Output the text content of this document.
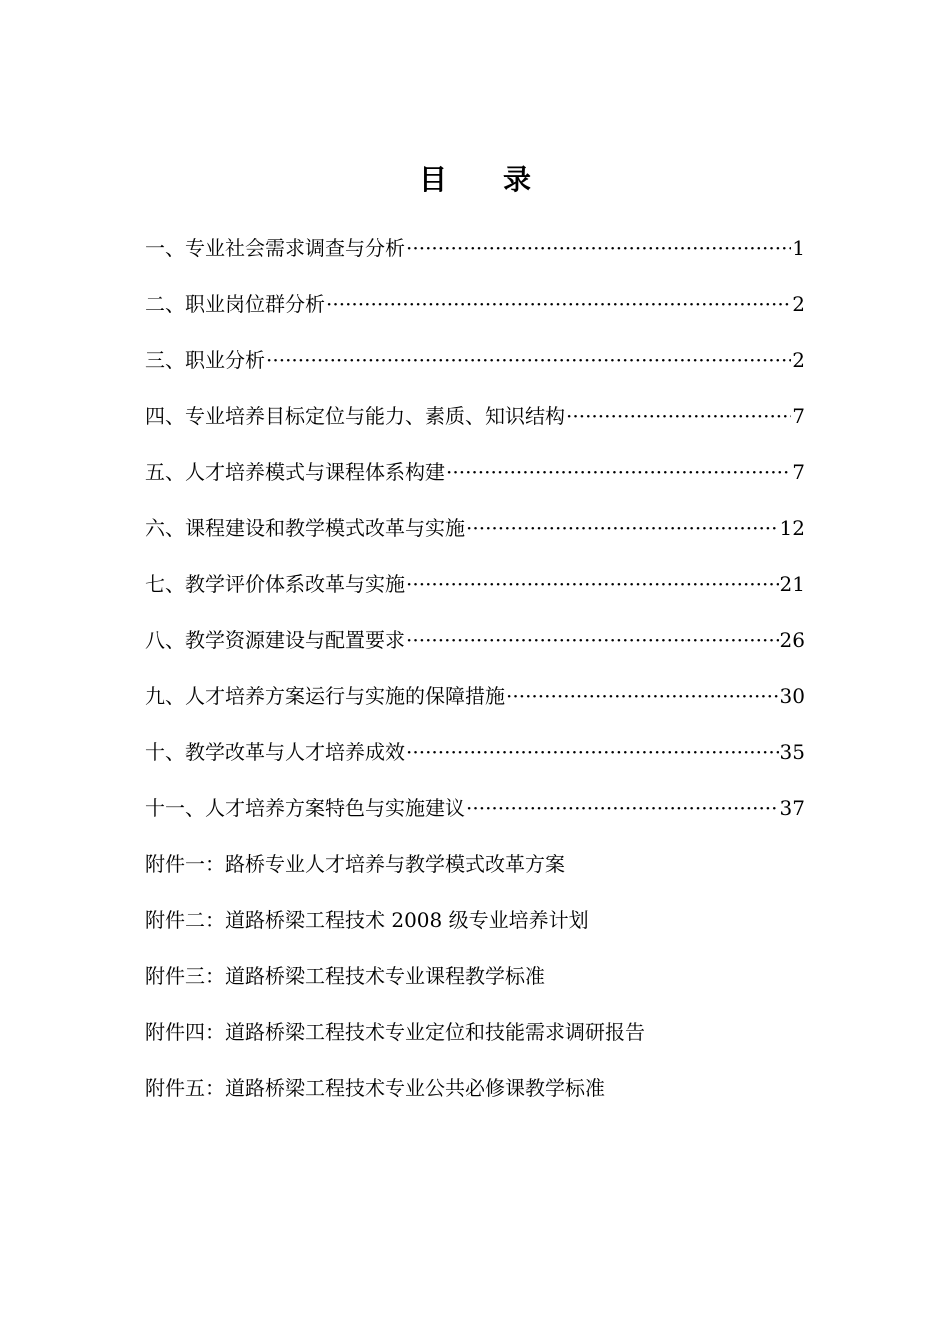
目 录
一、专业社会需求调查与分析 ·····	1
二、职业岗位群分析 ·····	2
三、职业分析 ·····	2
四、专业培养目标定位与能力、素质、知识结构 ·····	7
五、人才培养模式与课程体系构建 ·····	7
六、课程建设和教学模式改革与实施 ·····	12
七、教学评价体系改革与实施 ·····	21
八、教学资源建设与配置要求 ·····	26
九、人才培养方案运行与实施的保障措施 ·····	30
十、教学改革与人才培养成效 ·····	35
十一、人才培养方案特色与实施建议 ·····	37
附件一：路桥专业人才培养与教学模式改革方案
附件二：道路桥梁工程技术 2008 级专业培养计划
附件三：道路桥梁工程技术专业课程教学标准
附件四：道路桥梁工程技术专业定位和技能需求调研报告
附件五：道路桥梁工程技术专业公共必修课教学标准
